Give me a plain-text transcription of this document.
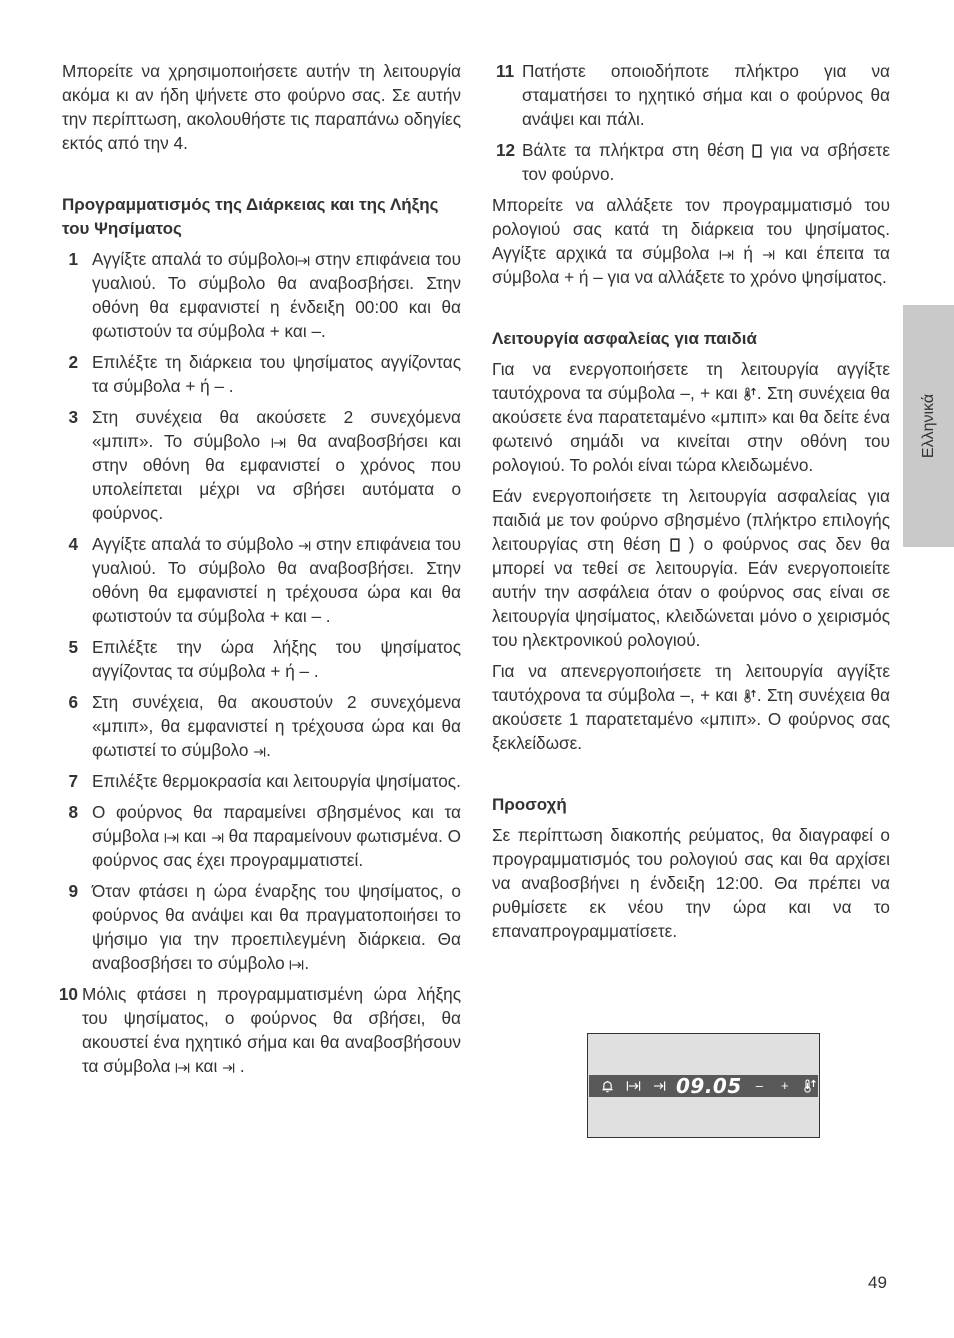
Μπορείτε να χρησιμοποιήσετε αυτήν τη λειτουργία ακόμα κι αν ήδη ψήνετε στο φούρνο σας. Σε αυτήν την περίπτωση, ακολουθήστε τις παραπάνω οδηγίες εκτός από την 4.

Προγραμματισμός της Διάρκειας και της Λήξης του Ψησίματος
1 Αγγίξτε απαλά το σύμβολο
στην επιφάνεια του γυαλιού. Το σύμβολο θα αναβοσβήσει. Στην οθόνη θα εμφανιστεί η ένδειξη 00:00 και θα φωτιστούν τα σύμβολα + και –.
2 Επιλέξτε τη διάρκεια του ψησίματος αγγίζοντας τα σύμβολα + ή – .
3 Στη συνέχεια θα ακούσετε 2 συνεχόμενα «μπιπ». Το σύμβολο
θα αναβοσβήσει και στην οθόνη θα εμφανιστεί ο χρόνος που υπολείπεται μέχρι να σβήσει αυτόματα ο φούρνος.
4 Αγγίξτε απαλά το σύμβολο
στην επιφάνεια του γυαλιού. Το σύμβολο θα αναβοσβήσει. Στην οθόνη θα εμφανιστεί η τρέχουσα ώρα και θα φωτιστούν τα σύμβολα + και – .
5 Επιλέξτε την ώρα λήξης του ψησίματος αγγίζοντας τα σύμβολα + ή – .
6 Στη συνέχεια, θα ακουστούν 2 συνεχόμενα «μπιπ», θα εμφανιστεί η τρέχουσα ώρα και θα φωτιστεί το σύμβολο
.
7 Επιλέξτε θερμοκρασία και λειτουργία ψησίματος.
8 Ο φούρνος θα παραμείνει σβησμένος και τα σύμβολα
και
θα παραμείνουν φωτισμένα. Ο φούρνος σας έχει προγραμματιστεί.
9 Όταν φτάσει η ώρα έναρξης του ψησίματος, ο φούρνος θα ανάψει και θα πραγματοποιήσει το ψήσιμο για την προεπιλεγμένη διάρκεια. Θα αναβοσβήσει το σύμβολο
.
10 Μόλις φτάσει η προγραμματισμένη ώρα λήξης του ψησίματος, ο φούρνος θα σβήσει, θα ακουστεί ένα ηχητικό σήμα και θα αναβοσβήσουν τα σύμβολα
και
.
11 Πατήστε οποιοδήποτε πλήκτρο για να σταματήσει το ηχητικό σήμα και ο φούρνος θα ανάψει και πάλι.
12 Βάλτε τα πλήκτρα στη θέση
για να σβήσετε τον φούρνο.

Μπορείτε να αλλάξετε τον προγραμματισμό του ρολογιού σας κατά τη διάρκεια του ψησίματος. Αγγίξτε αρχικά τα σύμβολα
ή
και έπειτα τα σύμβολα + ή – για να αλλάξετε το χρόνο ψησίματος.

Λειτουργία ασφαλείας για παιδιά

Για να ενεργοποιήσετε τη λειτουργία αγγίξτε ταυτόχρονα τα σύμβολα –, + και
. Στη συνέχεια θα ακούσετε ένα παρατεταμένο «μπιπ» και θα δείτε ένα φωτεινό σημάδι να κινείται στην οθόνη του ρολογιού. Το ρολόι είναι τώρα κλειδωμένο.

Εάν ενεργοποιήσετε τη λειτουργία ασφαλείας για παιδιά με τον φούρνο σβησμένο (πλήκτρο επιλογής λειτουργίας στη θέση
) ο φούρνος σας δεν θα μπορεί να τεθεί σε λειτουργία. Εάν ενεργοποιείτε αυτήν την ασφάλεια όταν ο φούρνος σας είναι σε λειτουργία ψησίματος, κλειδώνεται μόνο ο χειρισμός του ηλεκτρονικού ρολογιού.

Για να απενεργοποιήσετε τη λειτουργία αγγίξτε ταυτόχρονα τα σύμβολα –, + και
. Στη συνέχεια θα ακούσετε 1 παρατεταμένο «μπιπ». Ο φούρνος σας ξεκλείδωσε.

Προσοχή

Σε περίπτωση διακοπής ρεύματος, θα διαγραφεί ο προγραμματισμός του ρολογιού σας και θα αρχίσει να αναβοσβήνει η ένδειξη 12:00. Θα πρέπει να ρυθμίσετε εκ νέου την ώρα και να το επαναπρογραμματίσετε.

Ελληνικά
09.05 – +
49
